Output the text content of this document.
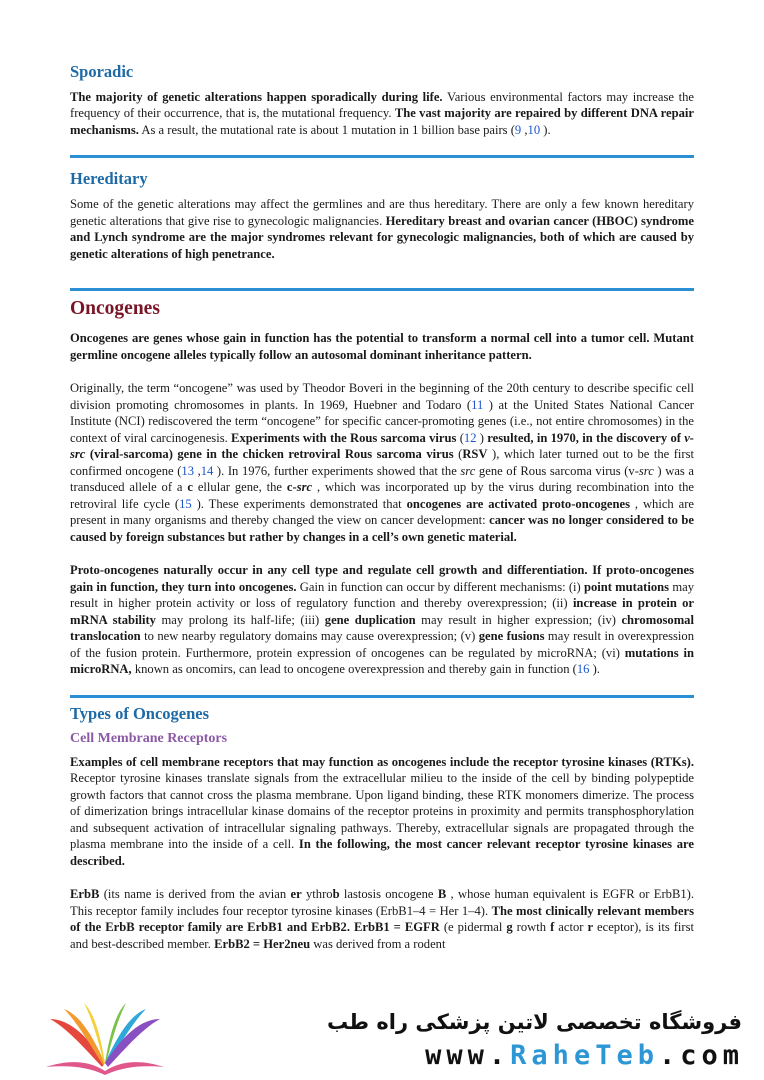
Sporadic

The majority of genetic alterations happen sporadically during life. Various environmental factors may increase the frequency of their occurrence, that is, the mutational frequency. The vast majority are repaired by different DNA repair mechanisms. As a result, the mutational rate is about 1 mutation in 1 billion base pairs (9 ,10 ).

Hereditary

Some of the genetic alterations may affect the germlines and are thus hereditary. There are only a few known hereditary genetic alterations that give rise to gynecologic malignancies. Hereditary breast and ovarian cancer (HBOC) syndrome and Lynch syndrome are the major syndromes relevant for gynecologic malignancies, both of which are caused by genetic alterations of high penetrance.

Oncogenes

Oncogenes are genes whose gain in function has the potential to transform a normal cell into a tumor cell. Mutant germline oncogene alleles typically follow an autosomal dominant inheritance pattern.

Originally, the term “oncogene” was used by Theodor Boveri in the beginning of the 20th century to describe specific cell division promoting chromosomes in plants. In 1969, Huebner and Todaro (11 ) at the United States National Cancer Institute (NCI) rediscovered the term “oncogene” for specific cancer-promoting genes (i.e., not entire chromosomes) in the context of viral carcinogenesis. Experiments with the Rous sarcoma virus (12 ) resulted, in 1970, in the discovery of v-src (viral-sarcoma) gene in the chicken retroviral Rous sarcoma virus (RSV ), which later turned out to be the first confirmed oncogene (13 ,14 ). In 1976, further experiments showed that the src gene of Rous sarcoma virus (v-src ) was a transduced allele of a c ellular gene, the c-src , which was incorporated up by the virus during recombination into the retroviral life cycle (15 ). These experiments demonstrated that oncogenes are activated proto-oncogenes , which are present in many organisms and thereby changed the view on cancer development: cancer was no longer considered to be caused by foreign substances but rather by changes in a cell’s own genetic material.

Proto-oncogenes naturally occur in any cell type and regulate cell growth and differentiation. If proto-oncogenes gain in function, they turn into oncogenes. Gain in function can occur by different mechanisms: (i) point mutations may result in higher protein activity or loss of regulatory function and thereby overexpression; (ii) increase in protein or mRNA stability may prolong its half-life; (iii) gene duplication may result in higher expression; (iv) chromosomal translocation to new nearby regulatory domains may cause overexpression; (v) gene fusions may result in overexpression of the fusion protein. Furthermore, protein expression of oncogenes can be regulated by microRNA; (vi) mutations in microRNA, known as oncomirs, can lead to oncogene overexpression and thereby gain in function (16 ).

Types of Oncogenes
Cell Membrane Receptors

Examples of cell membrane receptors that may function as oncogenes include the receptor tyrosine kinases (RTKs). Receptor tyrosine kinases translate signals from the extracellular milieu to the inside of the cell by binding polypeptide growth factors that cannot cross the plasma membrane. Upon ligand binding, these RTK monomers dimerize. The process of dimerization brings intracellular kinase domains of the receptor proteins in proximity and permits transphosphorylation and subsequent activation of intracellular signaling pathways. Thereby, extracellular signals are propagated through the plasma membrane into the inside of a cell. In the following, the most cancer relevant receptor tyrosine kinases are described.

ErbB (its name is derived from the avian er ythrob lastosis oncogene B , whose human equivalent is EGFR or ErbB1). This receptor family includes four receptor tyrosine kinases (ErbB1–4 = Her 1–4). The most clinically relevant members of the ErbB receptor family are ErbB1 and ErbB2. ErbB1 = EGFR (e pidermal g rowth f actor r eceptor), is its first and best-described member. ErbB2 = Her2neu was derived from a rodent

فروشگاه تخصصی لاتین پزشکی راه طب
www.RaheTeb.com
